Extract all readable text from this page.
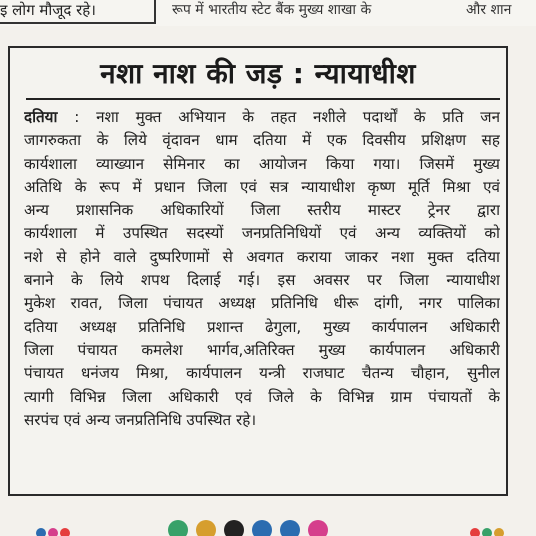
इ लोग मौजूद रहे।	रूप में भारतीय स्टेट बैंक मुख्य शाखा के	और शान
नशा नाश की जड़ : न्यायाधीश
दतिया : नशा मुक्त अभियान के तहत नशीले पदार्थों के प्रति जन
जागरुकता के लिये वृंदावन धाम दतिया में एक दिवसीय प्रशिक्षण सह
कार्यशाला व्याख्यान सेमिनार का आयोजन किया गया। जिसमें मुख्य
अतिथि के रूप में प्रधान जिला एवं सत्र न्यायाधीश कृष्ण मूर्ति मिश्रा एवं
अन्य प्रशासनिक अधिकारियों जिला स्तरीय मास्टर ट्रेनर द्वारा
कार्यशाला में उपस्थित सदस्यों जनप्रतिनिधियों एवं अन्य व्यक्तियों को
नशे से होने वाले दुष्परिणामों से अवगत कराया जाकर नशा मुक्त दतिया
बनाने के लिये शपथ दिलाई गई। इस अवसर पर जिला न्यायाधीश
मुकेश रावत, जिला पंचायत अध्यक्ष प्रतिनिधि धीरू दांगी, नगर पालिका
दतिया अध्यक्ष प्रतिनिधि प्रशान्त ढेगुला, मुख्य कार्यपालन अधिकारी
जिला पंचायत कमलेश भार्गव,अतिरिक्त मुख्य कार्यपालन अधिकारी
पंचायत धनंजय मिश्रा, कार्यपालन यन्त्री राजघाट चैतन्य चौहान, सुनील
त्यागी विभिन्न जिला अधिकारी एवं जिले के विभिन्न ग्राम पंचायतों के
सरपंच एवं अन्य जनप्रतिनिधि उपस्थित रहे।
